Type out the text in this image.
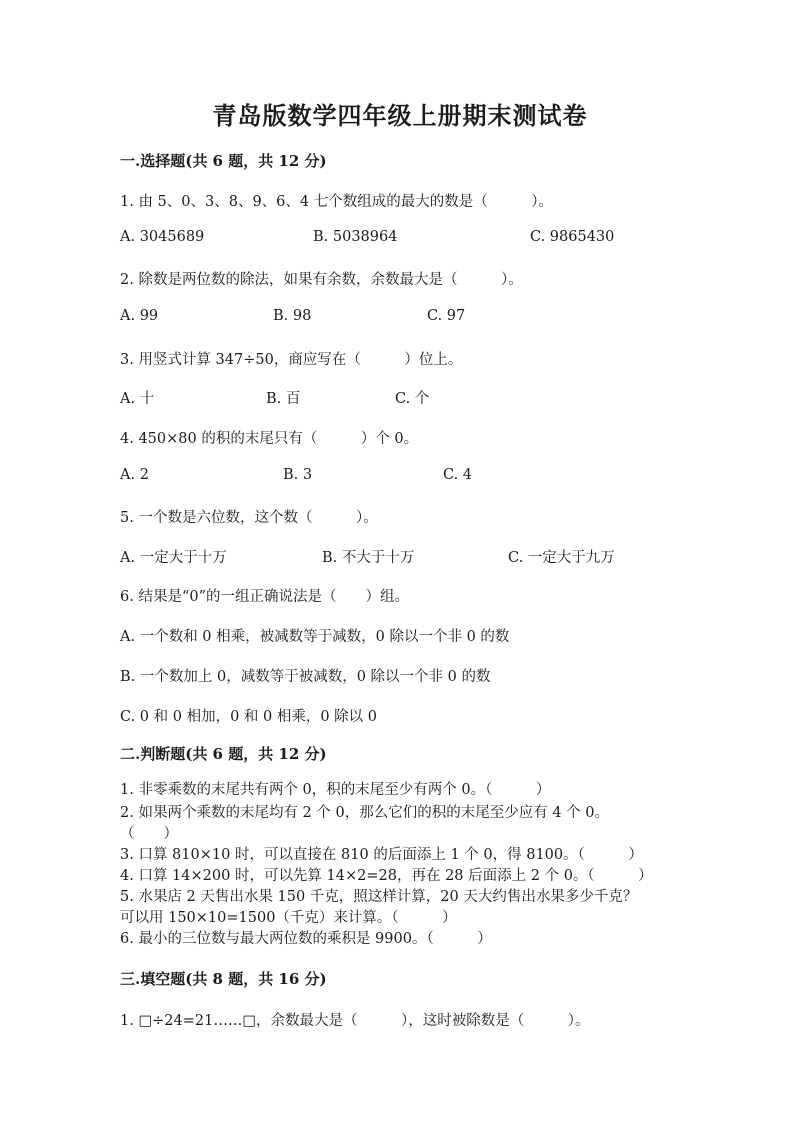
青岛版数学四年级上册期末测试卷
一.选择题(共 6 题，共 12 分)
1. 由 5、0、3、8、9、6、4 七个数组成的最大的数是（　　　）。
A. 3045689	B. 5038964	C. 9865430
2. 除数是两位数的除法，如果有余数，余数最大是（　　　）。
A. 99	B. 98	C. 97
3. 用竖式计算 347÷50，商应写在（　　　）位上。
A. 十	B. 百	C. 个
4. 450×80 的积的末尾只有（　　　）个 0。
A. 2	B. 3	C. 4
5. 一个数是六位数，这个数（　　　）。
A. 一定大于十万	B. 不大于十万	C. 一定大于九万
6. 结果是“0”的一组正确说法是（　　）组。
A. 一个数和 0 相乘，被减数等于减数，0 除以一个非 0 的数
B. 一个数加上 0，减数等于被减数，0 除以一个非 0 的数
C. 0 和 0 相加，0 和 0 相乘，0 除以 0
二.判断题(共 6 题，共 12 分)
1. 非零乘数的末尾共有两个 0，积的末尾至少有两个 0。（　　　）
2. 如果两个乘数的末尾均有 2 个 0，那么它们的积的末尾至少应有 4 个 0。
（　　）
3. 口算 810×10 时，可以直接在 810 的后面添上 1 个 0，得 8100。（　　　）
4. 口算 14×200 时，可以先算 14×2=28，再在 28 后面添上 2 个 0。（　　　）
5. 水果店 2 天售出水果 150 千克，照这样计算，20 天大约售出水果多少千克？
可以用 150×10=1500（千克）来计算。（　　　）
6. 最小的三位数与最大两位数的乘积是 9900。（　　　）
三.填空题(共 8 题，共 16 分)
1. □÷24=21……□，余数最大是（　　　），这时被除数是（　　　）。
